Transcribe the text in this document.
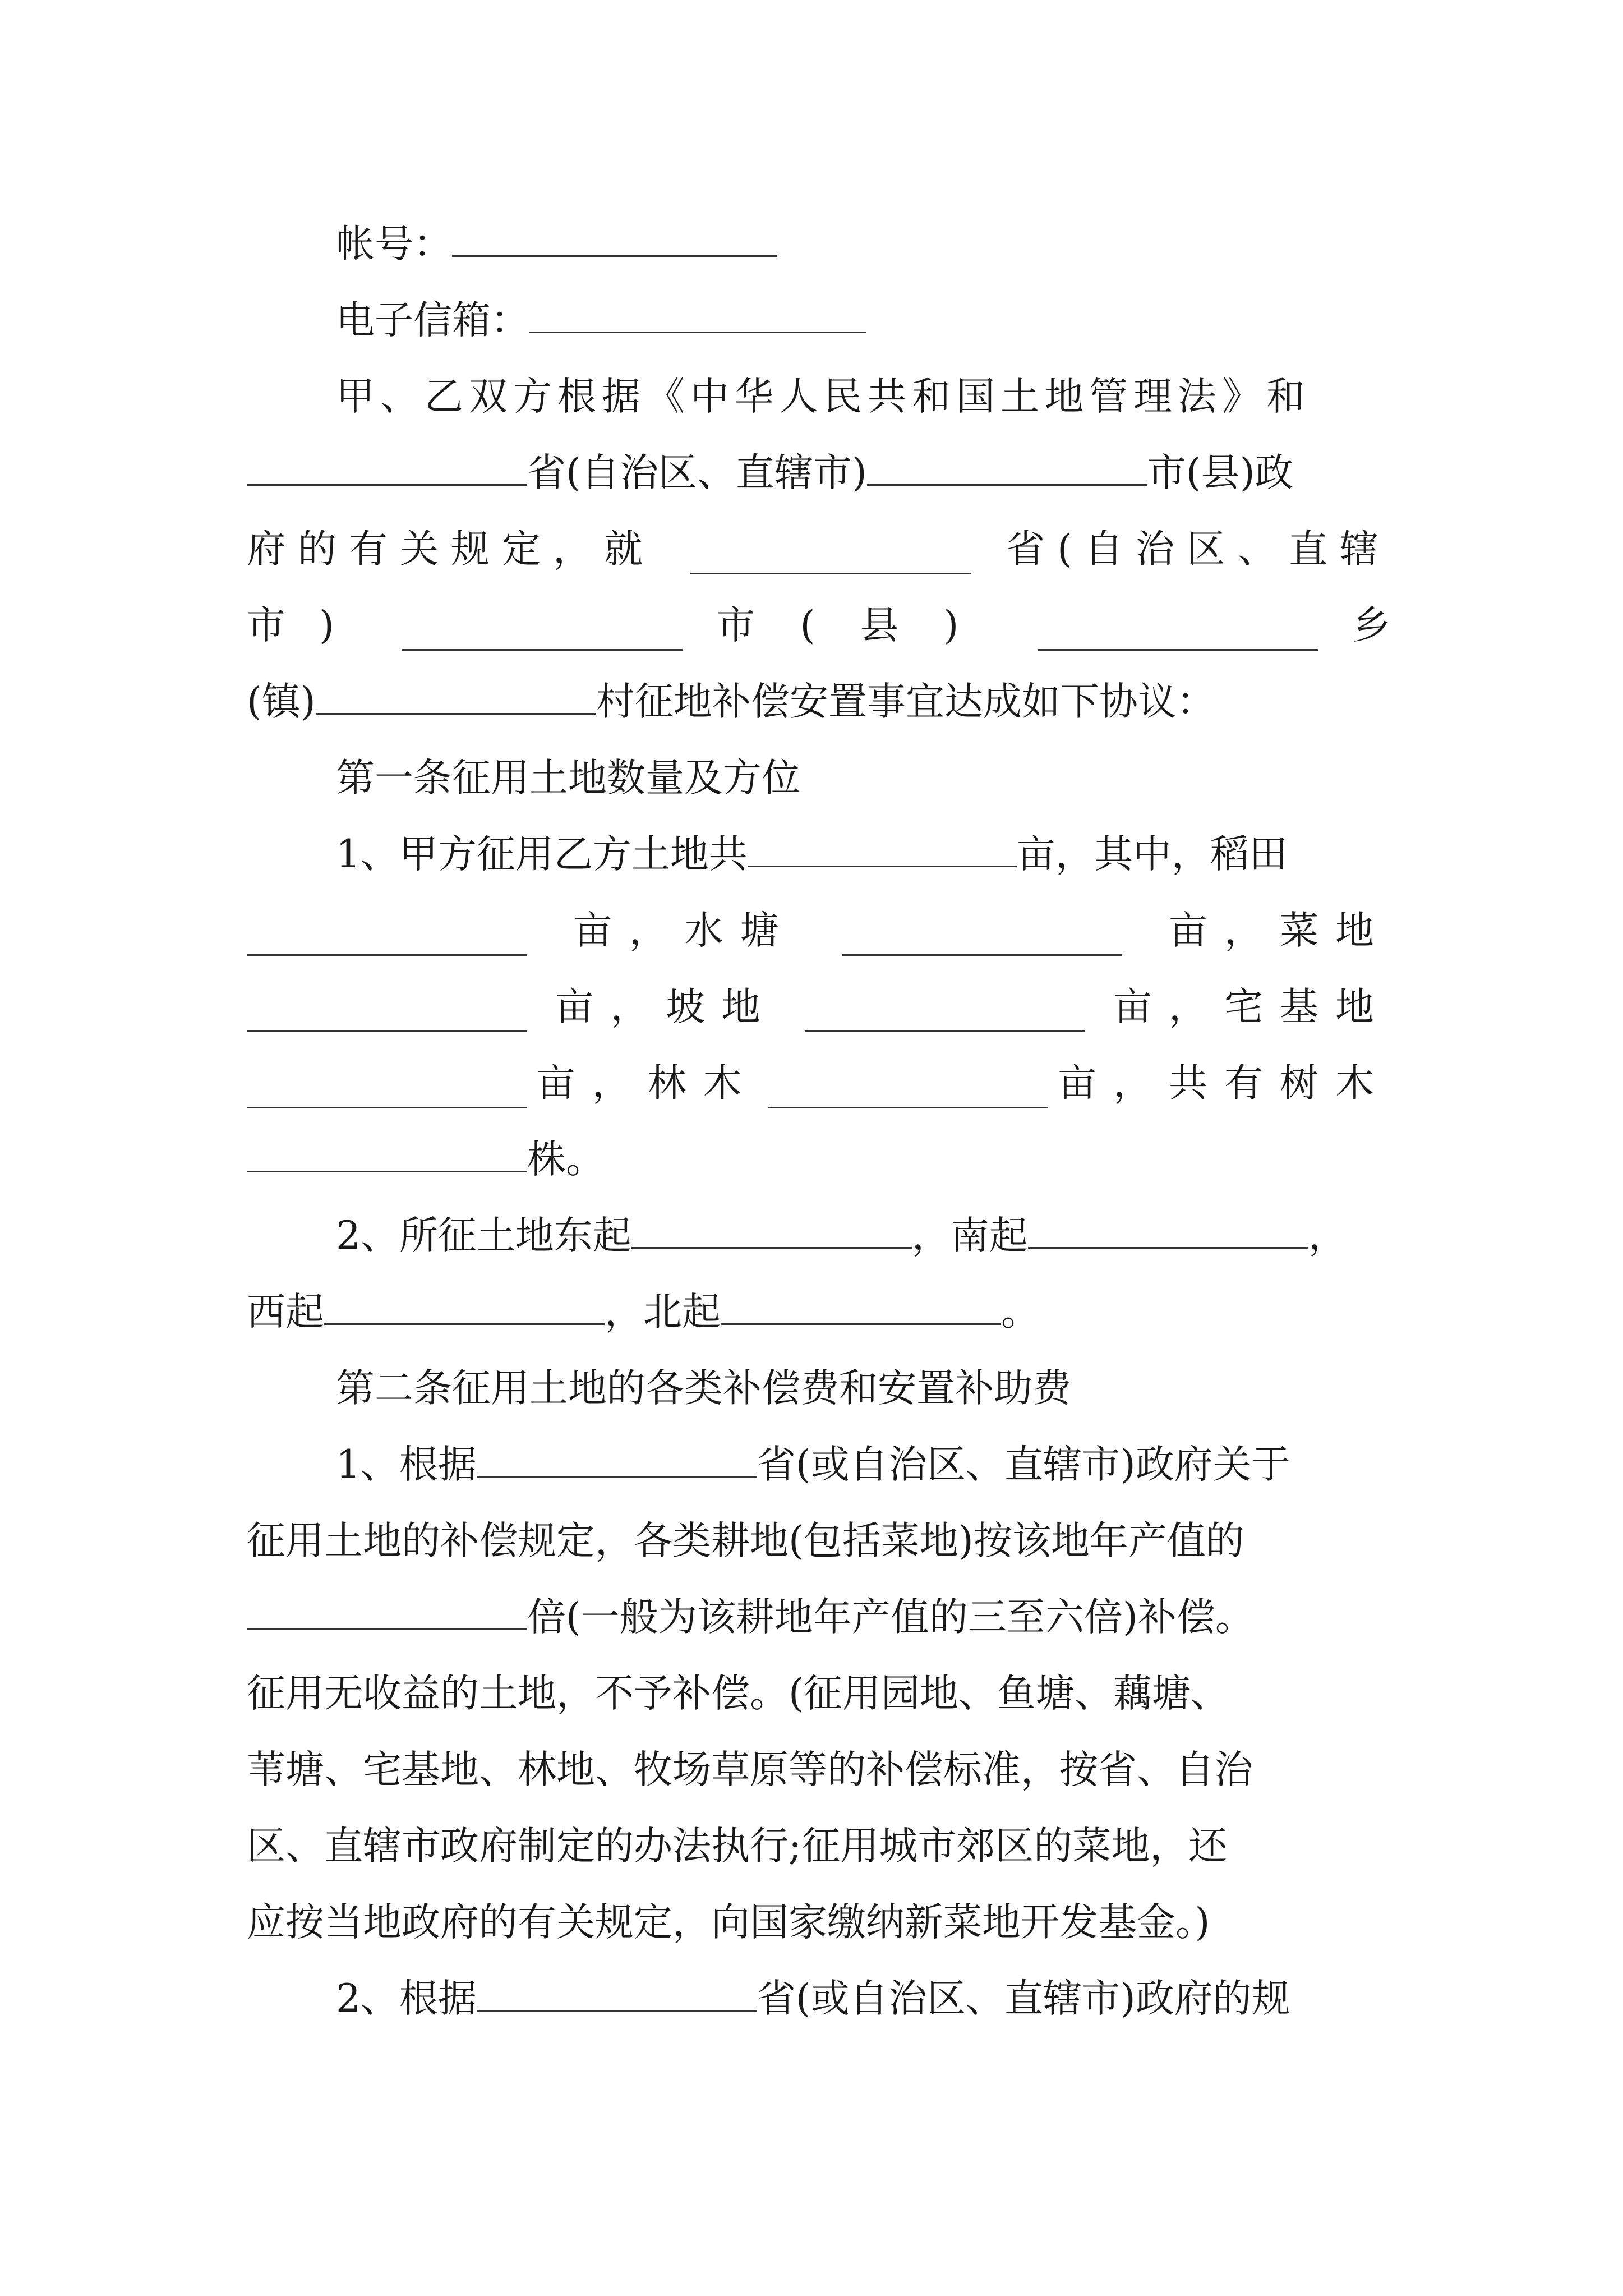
帐号：
电子信箱：
甲、乙双方根据《中华人民共和国土地管理法》和
省(自治区、直辖市)	市(县)政
府的有关规定，就	省(自治区、直辖
市)	市(县)	乡
(镇)	村征地补偿安置事宜达成如下协议：
第一条征用土地数量及方位
1、甲方征用乙方土地共	亩，其中，稻田
亩，水塘	亩，菜地
亩，坡地	亩，宅基地
亩，林木	亩，共有树木
株。
2、所征土地东起	，南起	，
西起	，北起	。
第二条征用土地的各类补偿费和安置补助费
1、根据	省(或自治区、直辖市)政府关于
征用土地的补偿规定，各类耕地(包括菜地)按该地年产值的
倍(一般为该耕地年产值的三至六倍)补偿。
征用无收益的土地，不予补偿。(征用园地、鱼塘、藕塘、
苇塘、宅基地、林地、牧场草原等的补偿标准，按省、自治
区、直辖市政府制定的办法执行;征用城市郊区的菜地，还
应按当地政府的有关规定，向国家缴纳新菜地开发基金。)
2、根据	省(或自治区、直辖市)政府的规
